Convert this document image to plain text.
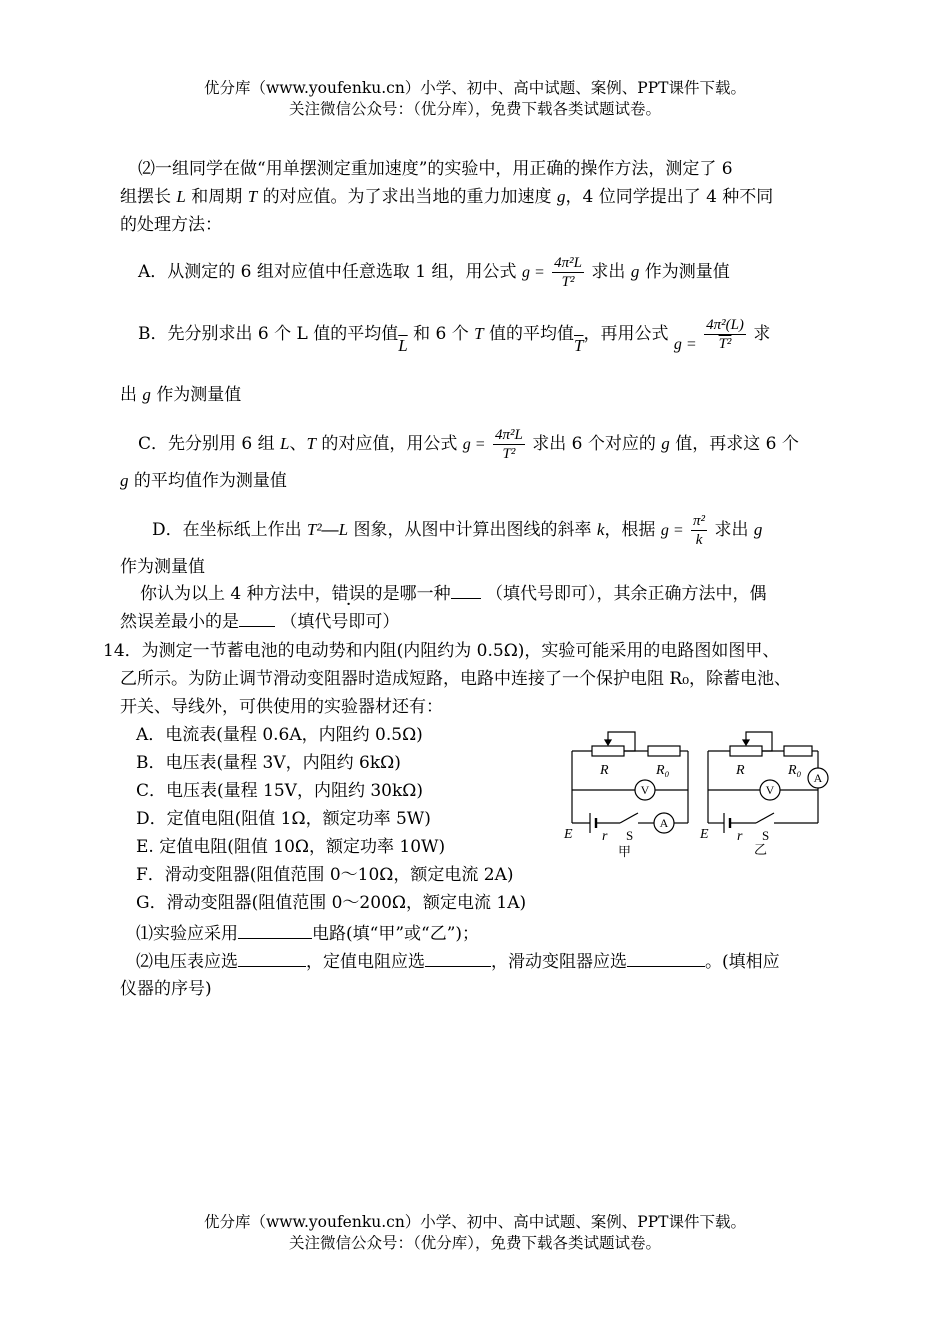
优分库（www.youfenku.cn）小学、初中、高中试题、案例、PPT课件下载。
关注微信公众号：（优分库），免费下载各类试题试卷。
⑵一组同学在做“用单摆测定重加速度”的实验中，用正确的操作方法，测定了 6
组摆长 L 和周期 T 的对应值。为了求出当地的重力加速度 g，4 位同学提出了 4 种不同
的处理方法：
A．从测定的 6 组对应值中任意选取 1 组，用公式 $g = \frac{\text{4π²L}}{\text{T²}}$ 求出 g 作为测量值
B．先分别求出 6 个 L 值的平均值$\overline{L}$ 和 6 个 T 值的平均值$\overline{T}$，再用公式 $g = \frac{\text{4π²(L)}}{\text{T²}}$ 求
出 g 作为测量值
C．先分别用 6 组 L、T 的对应值，用公式 $g = \frac{\text{4π²L}}{\text{T²}}$ 求出 6 个对应的 g 值，再求这 6 个
g 的平均值作为测量值
D．在坐标纸上作出 T²—L 图象，从图中计算出图线的斜率 k，根据 $g = \frac{\text{π²}}{k}$ 求出 g
作为测量值
你认为以上 4 种方法中，错误的是哪一种 （填代号即可），其余正确方法中，偶
然误差最小的是 （填代号即可）
14．为测定一节蓄电池的电动势和内阻(内阻约为 0.5Ω)，实验可能采用的电路图如图甲、
乙所示。为防止调节滑动变阻器时造成短路，电路中连接了一个保护电阻 R₀，除蓄电池、
开关、导线外，可供使用的实验器材还有：
A．电流表(量程 0.6A，内阻约 0.5Ω)
B．电压表(量程 3V，内阻约 6kΩ)
C．电压表(量程 15V，内阻约 30kΩ)
D．定值电阻(阻值 1Ω，额定功率 5W)
E. 定值电阻(阻值 10Ω，额定功率 10W)
F．滑动变阻器(阻值范围 0～10Ω，额定电流 2A)
G．滑动变阻器(阻值范围 0～200Ω，额定电流 1A)
⑴实验应采用	电路(填“甲”或“乙”)；
⑵电压表应选	，定值电阻应选	，滑动变阻器应选	。(填相应
仪器的序号)
R	R₀
E r
R	R₀
E r
V
A
V
A
S	S
甲	乙
优分库（www.youfenku.cn）小学、初中、高中试题、案例、PPT课件下载。
关注微信公众号：（优分库），免费下载各类试题试卷。
